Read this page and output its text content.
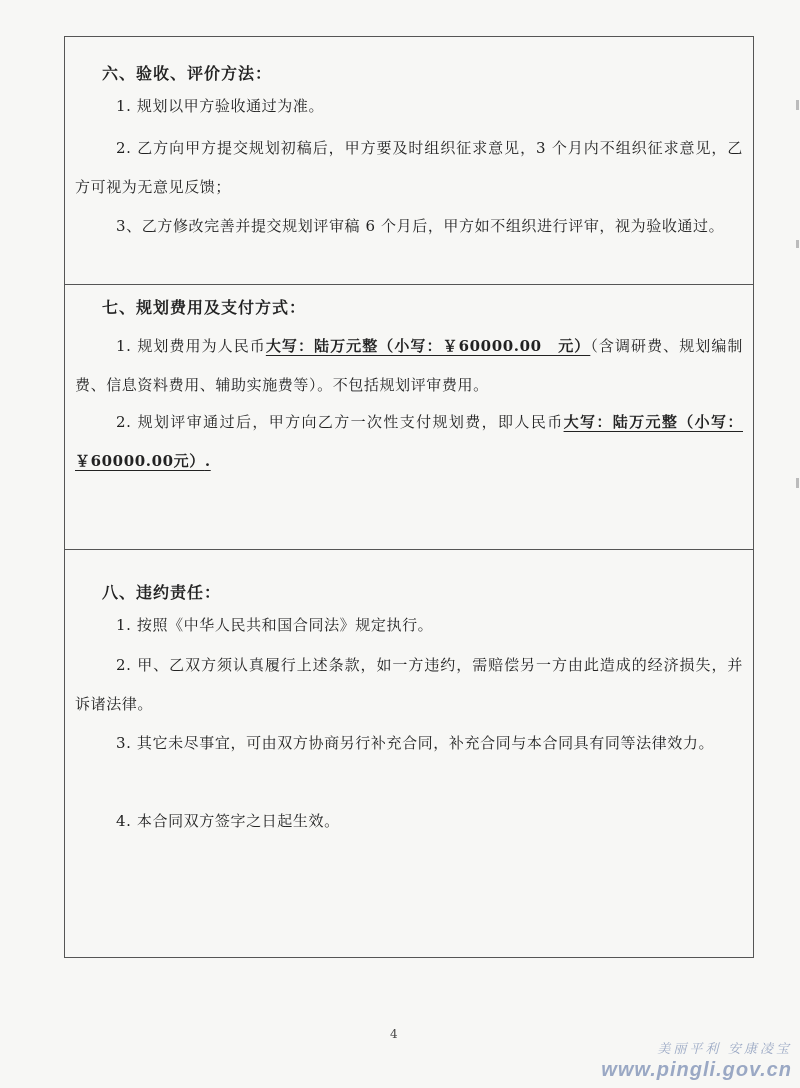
六、验收、评价方法：

1. 规划以甲方验收通过为准。

2. 乙方向甲方提交规划初稿后，甲方要及时组织征求意见，3 个月内不组织征求意见，乙方可视为无意见反馈；

3、乙方修改完善并提交规划评审稿 6 个月后，甲方如不组织进行评审，视为验收通过。

七、规划费用及支付方式：

1. 规划费用为人民币大写：陆万元整（小写：￥60000.00　元）（含调研费、规划编制费、信息资料费用、辅助实施费等）。不包括规划评审费用。

2. 规划评审通过后，甲方向乙方一次性支付规划费，即人民币大写：陆万元整（小写：￥60000.00元）.

八、违约责任：

1. 按照《中华人民共和国合同法》规定执行。

2. 甲、乙双方须认真履行上述条款，如一方违约，需赔偿另一方由此造成的经济损失，并诉诸法律。

3. 其它未尽事宜，可由双方协商另行补充合同，补充合同与本合同具有同等法律效力。

4. 本合同双方签字之日起生效。

4
美丽平利 安康凌宝
www.pingli.gov.cn
